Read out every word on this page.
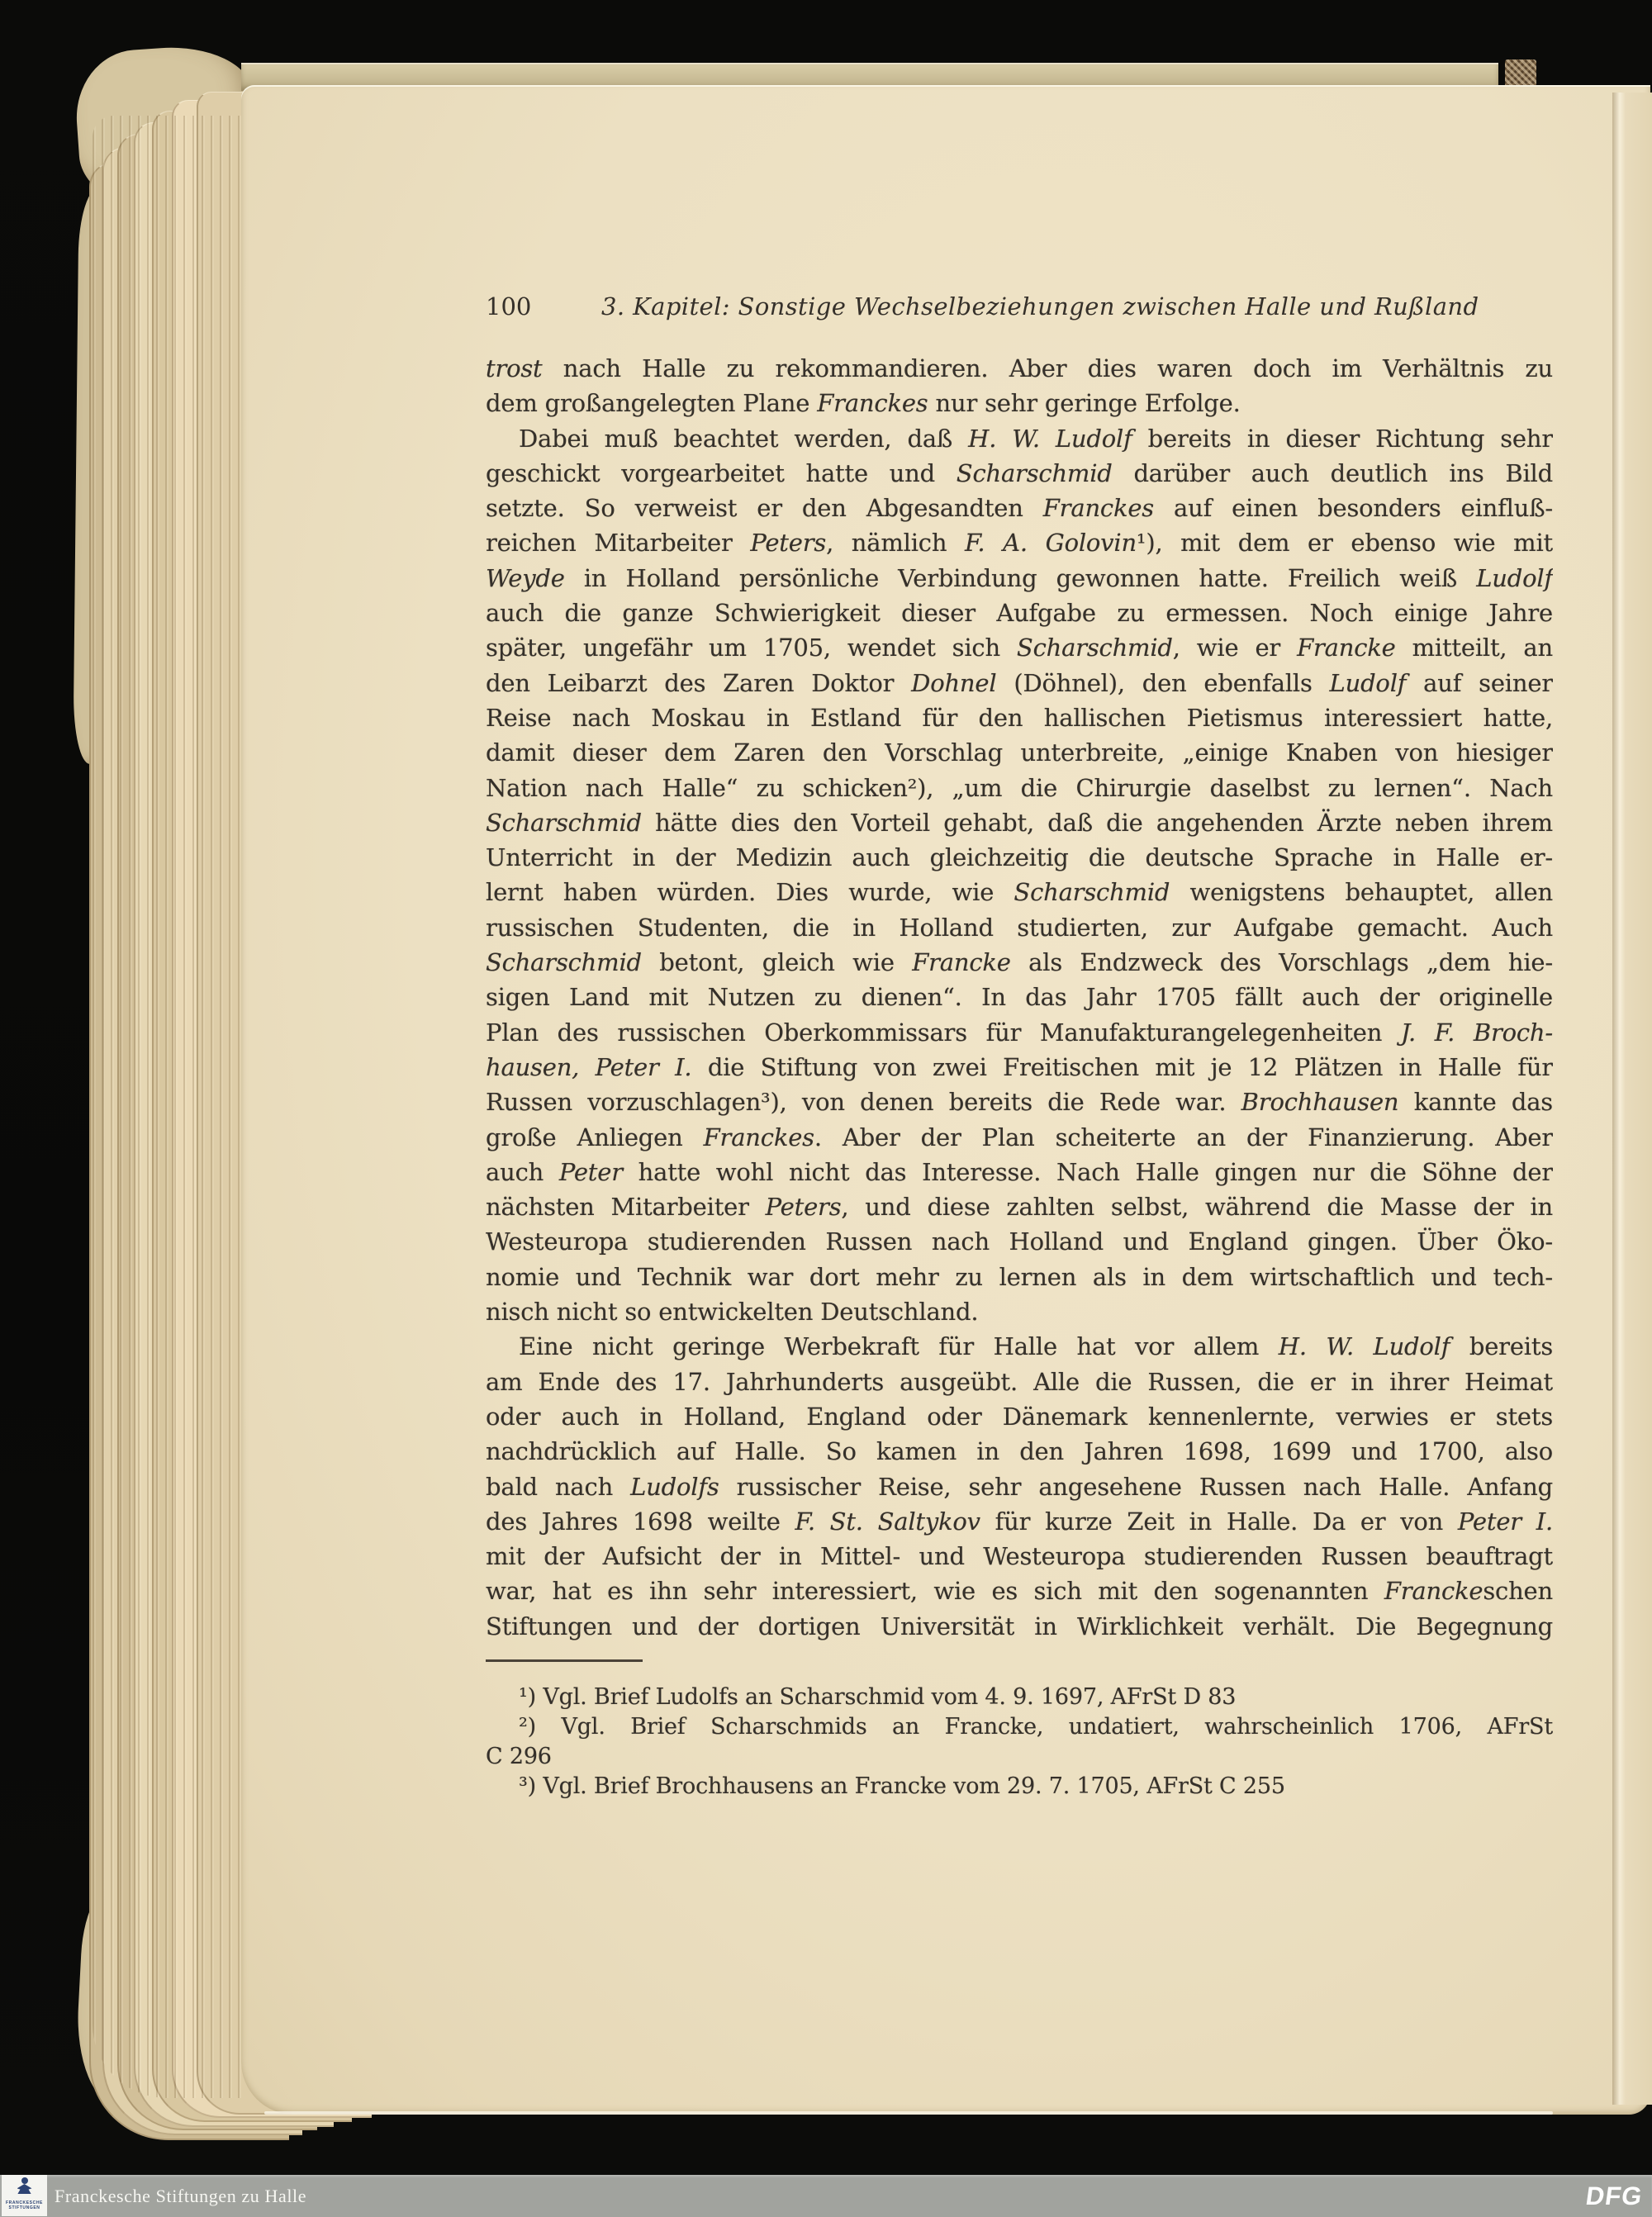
100	3. Kapitel: Sonstige Wechselbeziehungen zwischen Halle und Rußland
trost nach Halle zu rekommandieren. Aber dies waren doch im Verhältnis zu
dem großangelegten Plane Franckes nur sehr geringe Erfolge.
Dabei muß beachtet werden, daß H. W. Ludolf bereits in dieser Richtung sehr
geschickt vorgearbeitet hatte und Scharschmid darüber auch deutlich ins Bild
setzte. So verweist er den Abgesandten Franckes auf einen besonders einfluß-
reichen Mitarbeiter Peters, nämlich F. A. Golovin¹), mit dem er ebenso wie mit
Weyde in Holland persönliche Verbindung gewonnen hatte. Freilich weiß Ludolf
auch die ganze Schwierigkeit dieser Aufgabe zu ermessen. Noch einige Jahre
später, ungefähr um 1705, wendet sich Scharschmid, wie er Francke mitteilt, an
den Leibarzt des Zaren Doktor Dohnel (Döhnel), den ebenfalls Ludolf auf seiner
Reise nach Moskau in Estland für den hallischen Pietismus interessiert hatte,
damit dieser dem Zaren den Vorschlag unterbreite, „einige Knaben von hiesiger
Nation nach Halle“ zu schicken²), „um die Chirurgie daselbst zu lernen“. Nach
Scharschmid hätte dies den Vorteil gehabt, daß die angehenden Ärzte neben ihrem
Unterricht in der Medizin auch gleichzeitig die deutsche Sprache in Halle er-
lernt haben würden. Dies wurde, wie Scharschmid wenigstens behauptet, allen
russischen Studenten, die in Holland studierten, zur Aufgabe gemacht. Auch
Scharschmid betont, gleich wie Francke als Endzweck des Vorschlags „dem hie-
sigen Land mit Nutzen zu dienen“. In das Jahr 1705 fällt auch der originelle
Plan des russischen Oberkommissars für Manufakturangelegenheiten J. F. Broch-
hausen, Peter I. die Stiftung von zwei Freitischen mit je 12 Plätzen in Halle für
Russen vorzuschlagen³), von denen bereits die Rede war. Brochhausen kannte das
große Anliegen Franckes. Aber der Plan scheiterte an der Finanzierung. Aber
auch Peter hatte wohl nicht das Interesse. Nach Halle gingen nur die Söhne der
nächsten Mitarbeiter Peters, und diese zahlten selbst, während die Masse der in
Westeuropa studierenden Russen nach Holland und England gingen. Über Öko-
nomie und Technik war dort mehr zu lernen als in dem wirtschaftlich und tech-
nisch nicht so entwickelten Deutschland.
Eine nicht geringe Werbekraft für Halle hat vor allem H. W. Ludolf bereits
am Ende des 17. Jahrhunderts ausgeübt. Alle die Russen, die er in ihrer Heimat
oder auch in Holland, England oder Dänemark kennenlernte, verwies er stets
nachdrücklich auf Halle. So kamen in den Jahren 1698, 1699 und 1700, also
bald nach Ludolfs russischer Reise, sehr angesehene Russen nach Halle. Anfang
des Jahres 1698 weilte F. St. Saltykov für kurze Zeit in Halle. Da er von Peter I.
mit der Aufsicht der in Mittel- und Westeuropa studierenden Russen beauftragt
war, hat es ihn sehr interessiert, wie es sich mit den sogenannten Franckeschen
Stiftungen und der dortigen Universität in Wirklichkeit verhält. Die Begegnung
¹) Vgl. Brief Ludolfs an Scharschmid vom 4. 9. 1697, AFrSt D 83
²) Vgl. Brief Scharschmids an Francke, undatiert, wahrscheinlich 1706, AFrSt
C 296
³) Vgl. Brief Brochhausens an Francke vom 29. 7. 1705, AFrSt C 255
FRANCKESCHE
STIFTUNGEN
Franckesche Stiftungen zu Halle	DFG
